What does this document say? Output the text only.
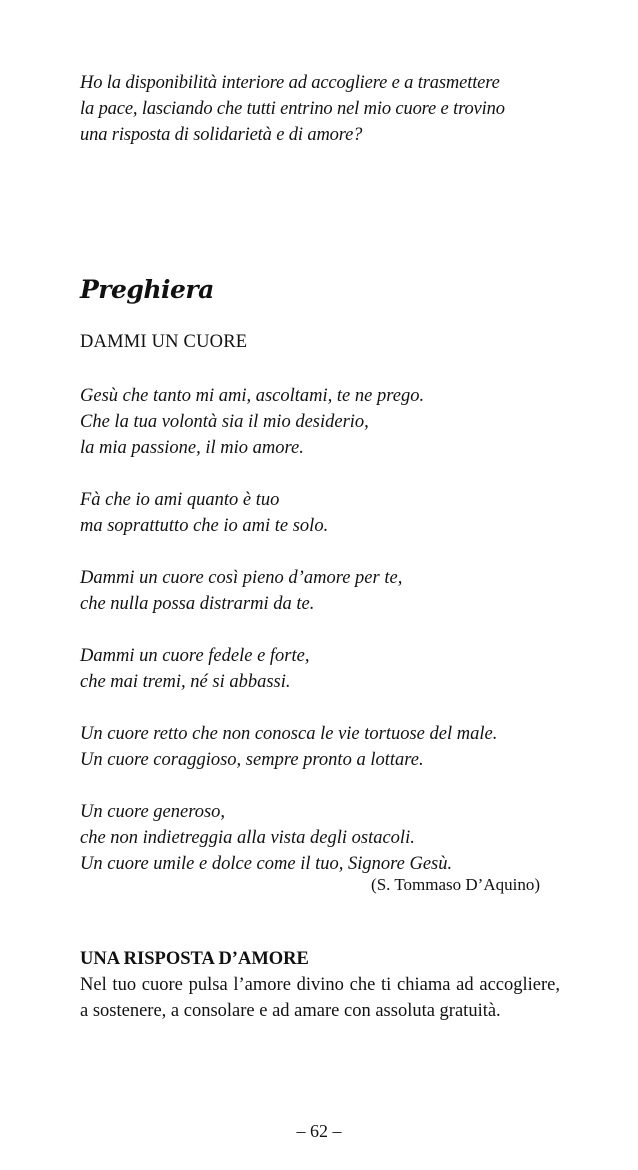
Ho la disponibilità interiore ad accogliere e a trasmettere

la pace, lasciando che tutti entrino nel mio cuore e trovino

una risposta di solidarietà e di amore?

Preghiera

DAMMI UN CUORE

Gesù che tanto mi ami, ascoltami, te ne prego.
Che la tua volontà sia il mio desiderio,
la mia passione, il mio amore.
Fà che io ami quanto è tuo
ma soprattutto che io ami te solo.
Dammi un cuore così pieno d’amore per te,
che nulla possa distrarmi da te.
Dammi un cuore fedele e forte,
che mai tremi, né si abbassi.
Un cuore retto che non conosca le vie tortuose del male.
Un cuore coraggioso, sempre pronto a lottare.
Un cuore generoso,
che non indietreggia alla vista degli ostacoli.
Un cuore umile e dolce come il tuo, Signore Gesù.
(S. Tommaso D’Aquino)
UNA RISPOSTA D’AMORE
Nel tuo cuore pulsa l’amore divino che ti chiama ad accogliere, a sostenere, a consolare e ad amare con assoluta gratuità.
– 62 –
